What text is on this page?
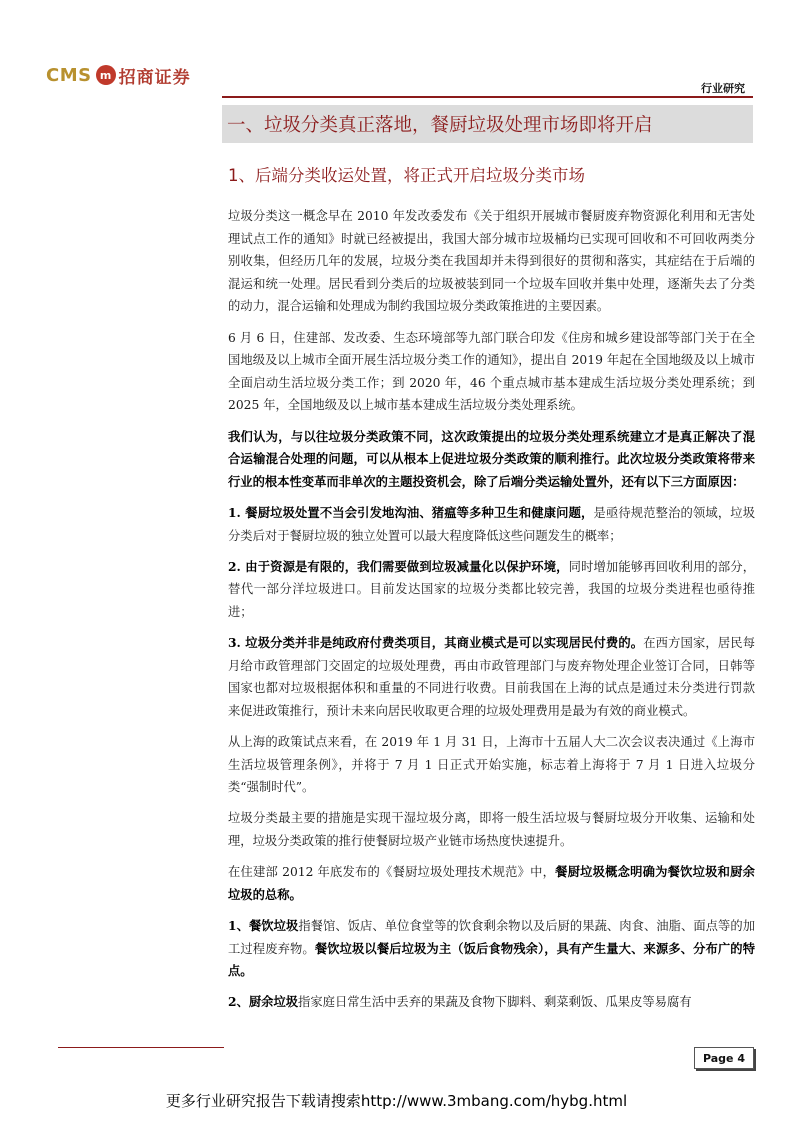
CMS m 招商证券
行业研究
一、垃圾分类真正落地，餐厨垃圾处理市场即将开启
1、后端分类收运处置，将正式开启垃圾分类市场

垃圾分类这一概念早在 2010 年发改委发布《关于组织开展城市餐厨废弃物资源化利用和无害处理试点工作的通知》时就已经被提出，我国大部分城市垃圾桶均已实现可回收和不可回收两类分别收集，但经历几年的发展，垃圾分类在我国却并未得到很好的贯彻和落实，其症结在于后端的混运和统一处理。居民看到分类后的垃圾被装到同一个垃圾车回收并集中处理，逐渐失去了分类的动力，混合运输和处理成为制约我国垃圾分类政策推进的主要因素。

6 月 6 日，住建部、发改委、生态环境部等九部门联合印发《住房和城乡建设部等部门关于在全国地级及以上城市全面开展生活垃圾分类工作的通知》，提出自 2019 年起在全国地级及以上城市全面启动生活垃圾分类工作；到 2020 年，46 个重点城市基本建成生活垃圾分类处理系统；到 2025 年，全国地级及以上城市基本建成生活垃圾分类处理系统。

我们认为，与以往垃圾分类政策不同，这次政策提出的垃圾分类处理系统建立才是真正解决了混合运输混合处理的问题，可以从根本上促进垃圾分类政策的顺利推行。此次垃圾分类政策将带来行业的根本性变革而非单次的主题投资机会，除了后端分类运输处置外，还有以下三方面原因：

1. 餐厨垃圾处置不当会引发地沟油、猪瘟等多种卫生和健康问题，是亟待规范整治的领域，垃圾分类后对于餐厨垃圾的独立处置可以最大程度降低这些问题发生的概率；

2. 由于资源是有限的，我们需要做到垃圾减量化以保护环境，同时增加能够再回收利用的部分，替代一部分洋垃圾进口。目前发达国家的垃圾分类都比较完善，我国的垃圾分类进程也亟待推进；

3. 垃圾分类并非是纯政府付费类项目，其商业模式是可以实现居民付费的。在西方国家，居民每月给市政管理部门交固定的垃圾处理费，再由市政管理部门与废弃物处理企业签订合同，日韩等国家也都对垃圾根据体积和重量的不同进行收费。目前我国在上海的试点是通过未分类进行罚款来促进政策推行，预计未来向居民收取更合理的垃圾处理费用是最为有效的商业模式。

从上海的政策试点来看，在 2019 年 1 月 31 日，上海市十五届人大二次会议表决通过《上海市生活垃圾管理条例》，并将于 7 月 1 日正式开始实施，标志着上海将于 7 月 1 日进入垃圾分类“强制时代”。

垃圾分类最主要的措施是实现干湿垃圾分离，即将一般生活垃圾与餐厨垃圾分开收集、运输和处理，垃圾分类政策的推行使餐厨垃圾产业链市场热度快速提升。

在住建部 2012 年底发布的《餐厨垃圾处理技术规范》中，餐厨垃圾概念明确为餐饮垃圾和厨余垃圾的总称。

1、餐饮垃圾指餐馆、饭店、单位食堂等的饮食剩余物以及后厨的果蔬、肉食、油脂、面点等的加工过程废弃物。餐饮垃圾以餐后垃圾为主（饭后食物残余），具有产生量大、来源多、分布广的特点。

2、厨余垃圾指家庭日常生活中丢弃的果蔬及食物下脚料、剩菜剩饭、瓜果皮等易腐有

Page 4
更多行业研究报告下载请搜索http://www.3mbang.com/hybg.html
